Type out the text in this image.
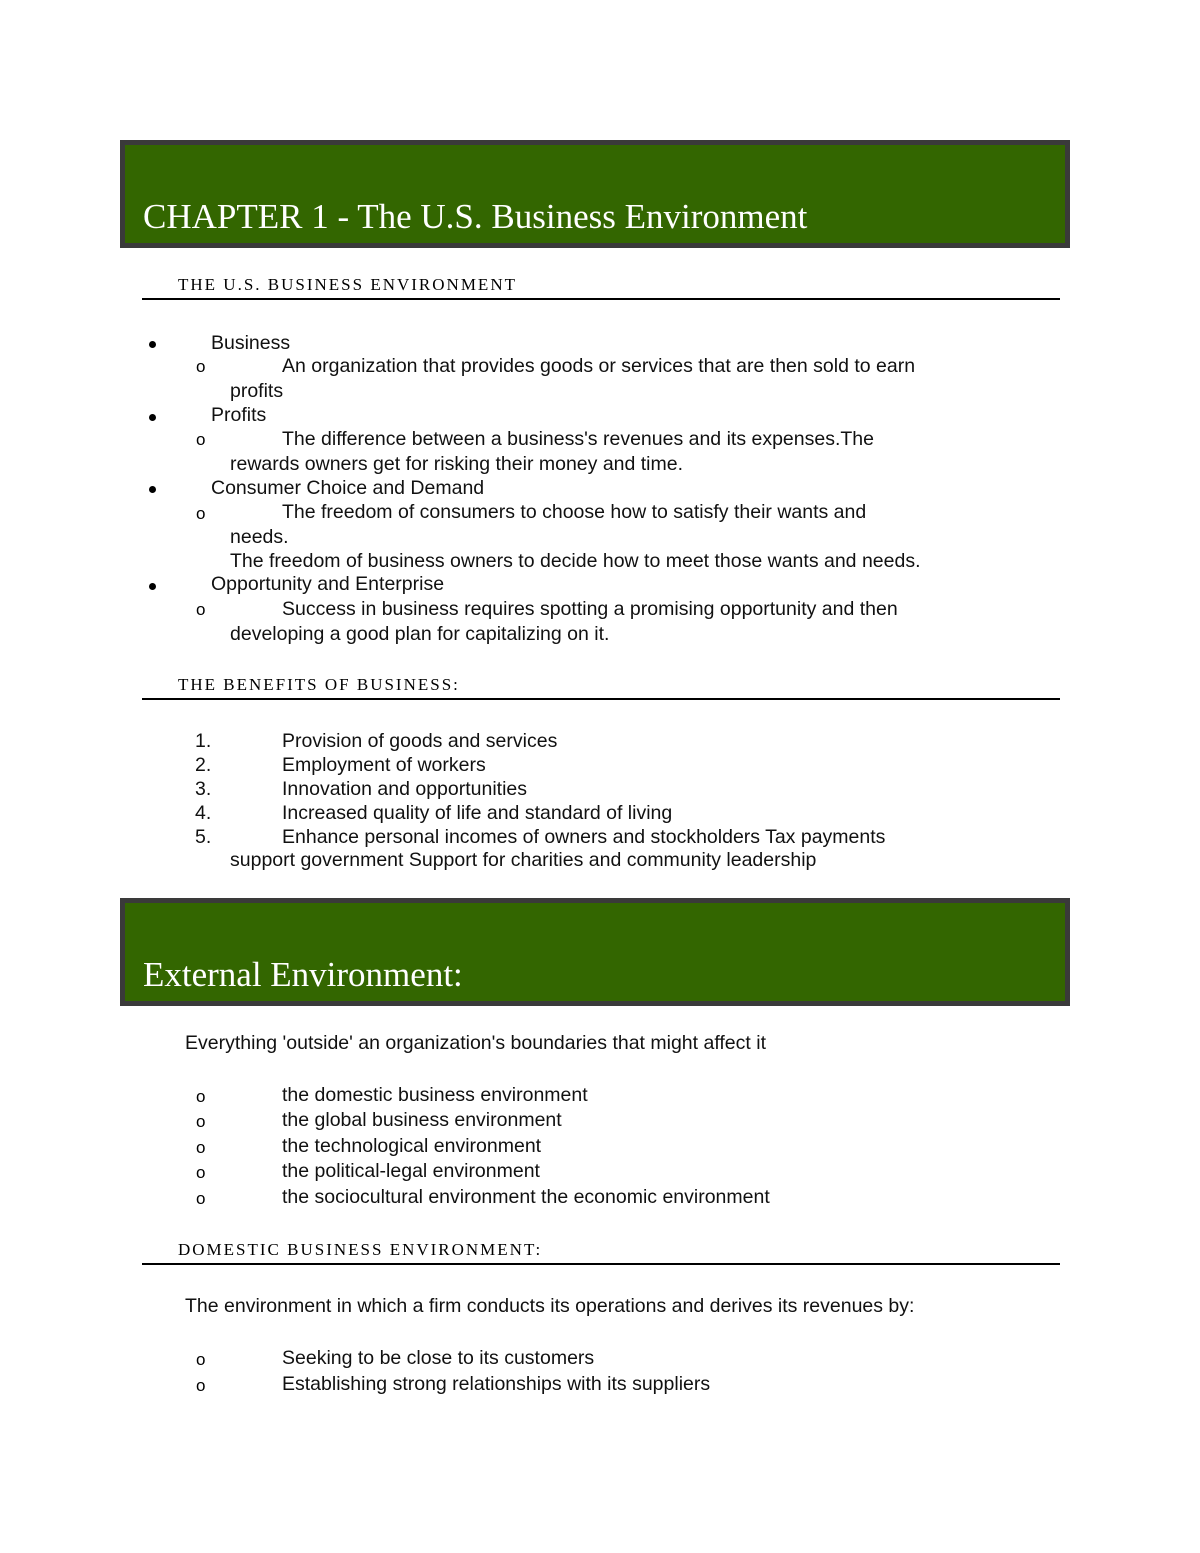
CHAPTER 1 - The U.S. Business Environment
THE U.S. BUSINESS ENVIRONMENT
Business
o	An organization that provides goods or services that are then sold to earn
profits
Profits
o	The difference between a business's revenues and its expenses.The
rewards owners get for risking their money and time.
Consumer Choice and Demand
o	The freedom of consumers to choose how to satisfy their wants and
needs.
The freedom of business owners to decide how to meet those wants and needs.
Opportunity and Enterprise
o	Success in business requires spotting a promising opportunity and then
developing a good plan for capitalizing on it.
THE BENEFITS OF BUSINESS:
1.	Provision of goods and services
2.	Employment of workers
3.	Innovation and opportunities
4.	Increased quality of life and standard of living
5.	Enhance personal incomes of owners and stockholders Tax payments
support government Support for charities and community leadership
External Environment:
Everything 'outside' an organization's boundaries that might affect it
o	the domestic business environment
o	the global business environment
o	the technological environment
o	the political-legal environment
o	the sociocultural environment the economic environment
DOMESTIC BUSINESS ENVIRONMENT:
The environment in which a firm conducts its operations and derives its revenues by:
o	Seeking to be close to its customers
o	Establishing strong relationships with its suppliers
